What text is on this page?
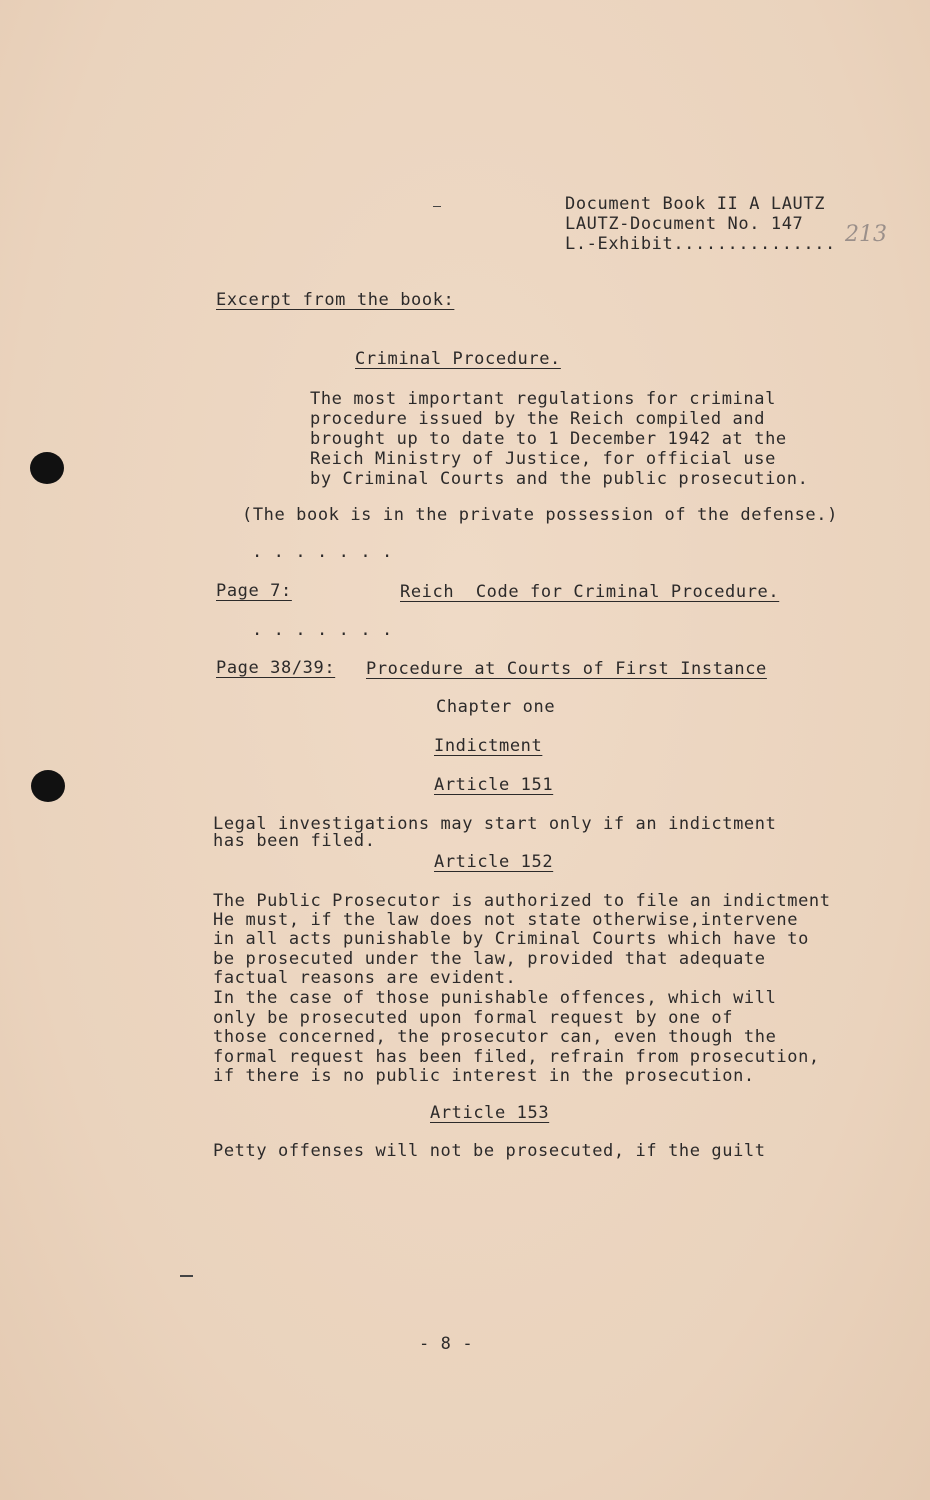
Document Book II A LAUTZ
LAUTZ-Document No. 147
L.-Exhibit............... 213
Excerpt from the book:
Criminal Procedure.
The most important regulations for criminal
procedure issued by the Reich compiled and
brought up to date to 1 December 1942 at the
Reich Ministry of Justice, for official use
by Criminal Courts and the public prosecution.
(The book is in the private possession of the defense.)
. . . . . . .
Page 7:	Reich  Code for Criminal Procedure.
. . . . . . .
Page 38/39: Procedure at Courts of First Instance
Chapter one
Indictment
Article 151
Legal investigations may start only if an indictment
has been filed.
Article 152
The Public Prosecutor is authorized to file an indictment
He must, if the law does not state otherwise,intervene
in all acts punishable by Criminal Courts which have to
be prosecuted under the law, provided that adequate
factual reasons are evident.
In the case of those punishable offences, which will
only be prosecuted upon formal request by one of
those concerned, the prosecutor can, even though the
formal request has been filed, refrain from prosecution,
if there is no public interest in the prosecution.
Article 153
Petty offenses will not be prosecuted, if the guilt
- 8 -
